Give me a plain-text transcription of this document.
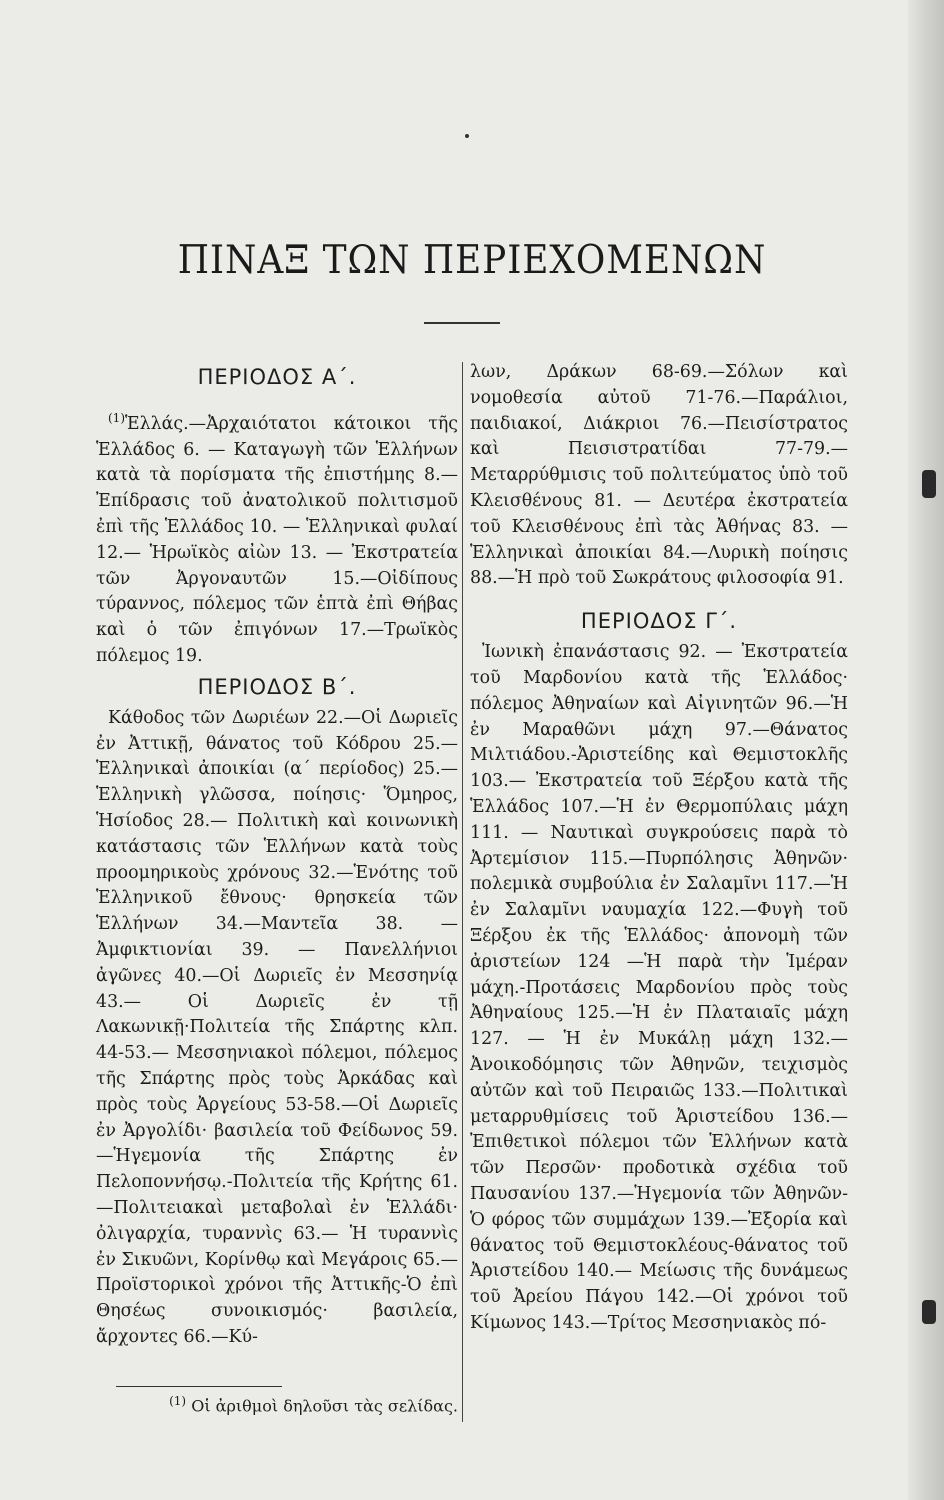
ΠΙΝΑΞ ΤΩΝ ΠΕΡΙΕΧΟΜΕΝΩΝ
ΠΕΡΙΟΔΟΣ Α΄.

$^{(1)}$Ἑλλάς.—Ἀρχαιότατοι κάτοικοι τῆς Ἑλλάδος 6. — Καταγωγὴ τῶν Ἑλλήνων κατὰ τὰ πορίσματα τῆς ἐπιστήμης 8.—Ἐπίδρασις τοῦ ἀνατολικοῦ πολιτισμοῦ ἐπὶ τῆς Ἑλλάδος 10. — Ἑλληνικαὶ φυλαί 12.— Ἡρωϊκὸς αἰὼν 13. — Ἐκστρατεία τῶν Ἀργοναυτῶν 15.—Οἰδίπους τύραννος, πόλεμος τῶν ἑπτὰ ἐπὶ Θήβας καὶ ὁ τῶν ἐπιγόνων 17.—Τρωϊκὸς πόλεμος 19.

ΠΕΡΙΟΔΟΣ Β΄.

Κάθοδος τῶν Δωριέων 22.—Οἱ Δωριεῖς ἐν Ἀττικῇ, θάνατος τοῦ Κόδρου 25.—Ἑλληνικαὶ ἀποικίαι (α΄ περίοδος) 25.— Ἑλληνικὴ γλῶσσα, ποίησις· Ὅμηρος, Ἡσίοδος 28.— Πολιτικὴ καὶ κοινωνικὴ κατάστασις τῶν Ἑλλήνων κατὰ τοὺς προομηρικοὺς χρόνους 32.—Ἑνότης τοῦ Ἑλληνικοῦ ἔθνους· θρησκεία τῶν Ἑλλήνων 34.—Μαντεῖα 38. — Ἀμφικτιονίαι 39. — Πανελλήνιοι ἀγῶνες 40.—Οἱ Δωριεῖς ἐν Μεσσηνίᾳ 43.— Οἱ Δωριεῖς ἐν τῇ Λακωνικῇ·Πολιτεία τῆς Σπάρτης κλπ. 44-53.— Μεσσηνιακοὶ πόλεμοι, πόλεμος τῆς Σπάρτης πρὸς τοὺς Ἀρκάδας καὶ πρὸς τοὺς Ἀργείους 53-58.—Οἱ Δωριεῖς ἐν Ἀργολίδι· βασιλεία τοῦ Φείδωνος 59.—Ἡγεμονία τῆς Σπάρτης ἐν Πελοποννήσῳ.-Πολιτεία τῆς Κρήτης 61.—Πολιτειακαὶ μεταβολαὶ ἐν Ἑλλάδι· ὀλιγαρχία, τυραννὶς 63.— Ἡ τυραννὶς ἐν Σικυῶνι, Κορίνθῳ καὶ Μεγάροις 65.—Προϊστορικοὶ χρόνοι τῆς Ἀττικῆς-Ὁ ἐπὶ Θησέως συνοικισμός· βασιλεία, ἄρχοντες 66.—Κύ-

λων, Δράκων 68-69.—Σόλων καὶ νομοθεσία αὐτοῦ 71-76.—Παράλιοι, παιδιακοί, Διάκριοι 76.—Πεισίστρατος καὶ Πεισιστρατίδαι 77-79.—Μεταρρύθμισις τοῦ πολιτεύματος ὑπὸ τοῦ Κλεισθένους 81. — Δευτέρα ἐκστρατεία τοῦ Κλεισθένους ἐπὶ τὰς Ἀθήνας 83. — Ἑλληνικαὶ ἀποικίαι 84.—Λυρικὴ ποίησις 88.—Ἡ πρὸ τοῦ Σωκράτους φιλοσοφία 91.

ΠΕΡΙΟΔΟΣ Γ΄.

Ἰωνικὴ ἐπανάστασις 92. — Ἐκστρατεία τοῦ Μαρδονίου κατὰ τῆς Ἑλλάδος· πόλεμος Ἀθηναίων καὶ Αἰγινητῶν 96.—Ἡ ἐν Μαραθῶνι μάχη 97.—Θάνατος Μιλτιάδου.-Ἀριστείδης καὶ Θεμιστοκλῆς 103.— Ἐκστρατεία τοῦ Ξέρξου κατὰ τῆς Ἑλλάδος 107.—Ἡ ἐν Θερμοπύλαις μάχη 111. — Ναυτικαὶ συγκρούσεις παρὰ τὸ Ἀρτεμίσιον 115.—Πυρπόλησις Ἀθηνῶν· πολεμικὰ συμβούλια ἐν Σαλαμῖνι 117.—Ἡ ἐν Σαλαμῖνι ναυμαχία 122.—Φυγὴ τοῦ Ξέρξου ἐκ τῆς Ἑλλάδος· ἀπονομὴ τῶν ἀριστείων 124 —Ἡ παρὰ τὴν Ἱμέραν μάχη.-Προτάσεις Μαρδονίου πρὸς τοὺς Ἀθηναίους 125.—Ἡ ἐν Πλαταιαῖς μάχη 127. — Ἡ ἐν Μυκάλῃ μάχη 132.—Ἀνοικοδόμησις τῶν Ἀθηνῶν, τειχισμὸς αὐτῶν καὶ τοῦ Πειραιῶς 133.—Πολιτικαὶ μεταρρυθμίσεις τοῦ Ἀριστείδου 136.—Ἐπιθετικοὶ πόλεμοι τῶν Ἑλλήνων κατὰ τῶν Περσῶν· προδοτικὰ σχέδια τοῦ Παυσανίου 137.—Ἡγεμονία τῶν Ἀθηνῶν-Ὁ φόρος τῶν συμμάχων 139.—Ἐξορία καὶ θάνατος τοῦ Θεμιστοκλέους-θάνατος τοῦ Ἀριστείδου 140.— Μείωσις τῆς δυνάμεως τοῦ Ἀρείου Πάγου 142.—Οἱ χρόνοι τοῦ Κίμωνος 143.—Τρίτος Μεσσηνιακὸς πό-

$^{(1)}$ Οἱ ἀριθμοὶ δηλοῦσι τὰς σελίδας.
